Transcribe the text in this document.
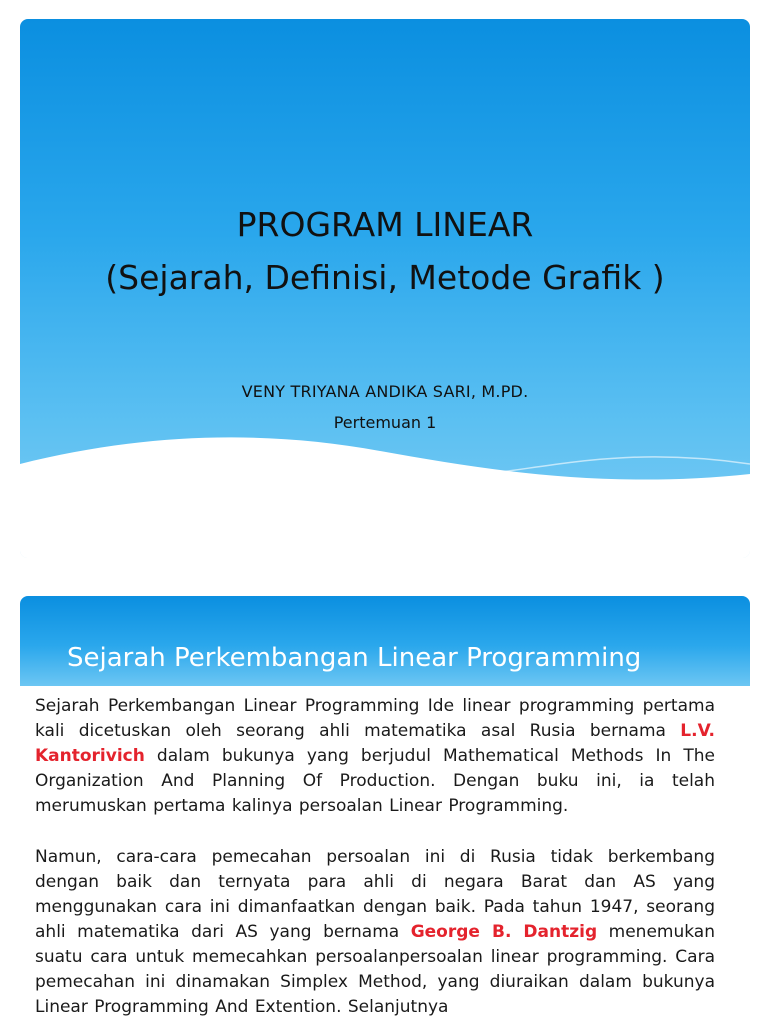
PROGRAM LINEAR
(Sejarah, Definisi, Metode Grafik )
VENY TRIYANA ANDIKA SARI, M.PD.
Pertemuan 1
Sejarah Perkembangan Linear Programming

Sejarah Perkembangan Linear Programming Ide linear programming pertama kali dicetuskan oleh seorang ahli matematika asal Rusia bernama L.V. Kantorivich dalam bukunya yang berjudul Mathematical Methods In The Organization And Planning Of Production. Dengan buku ini, ia telah merumuskan pertama kalinya persoalan Linear Programming.

Namun, cara-cara pemecahan persoalan ini di Rusia tidak berkembang dengan baik dan ternyata para ahli di negara Barat dan AS yang menggunakan cara ini dimanfaatkan dengan baik. Pada tahun 1947, seorang ahli matematika dari AS yang bernama George B. Dantzig menemukan suatu cara untuk memecahkan persoalanpersoalan linear programming. Cara pemecahan ini dinamakan Simplex Method, yang diuraikan dalam bukunya Linear Programming And Extention. Selanjutnya
